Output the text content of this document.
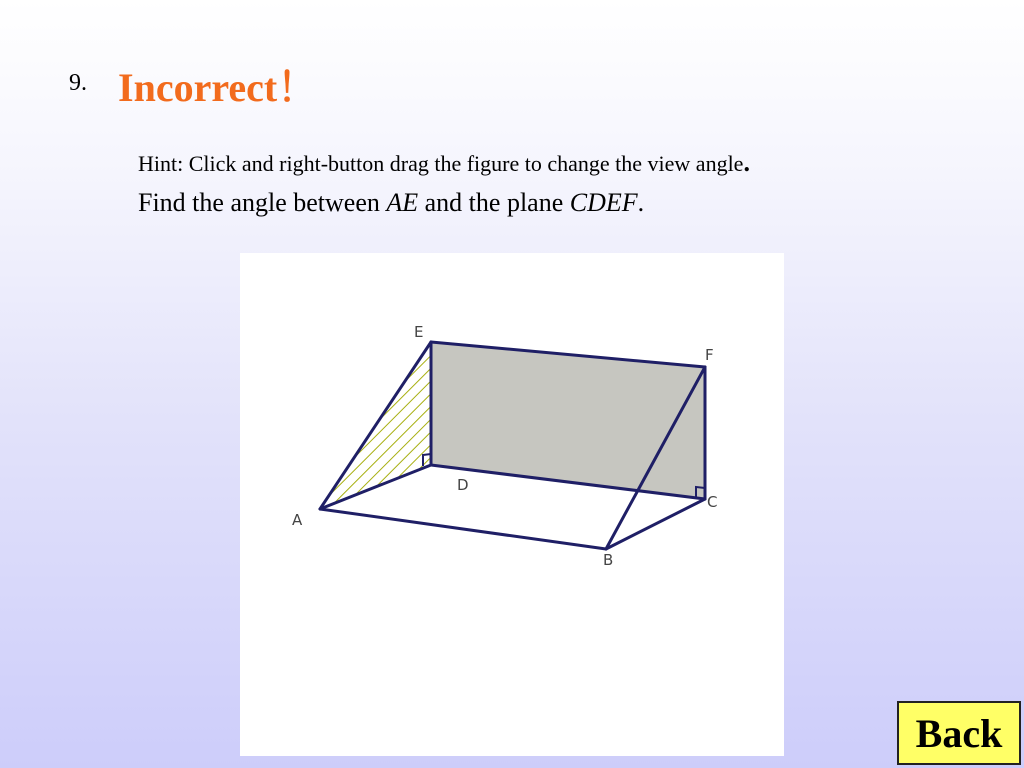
9. Incorrect！
Hint: Click and right-button drag the figure to change the view angle.
Find the angle between AE and the plane CDEF.
A
B
C
D
E
F
Back
